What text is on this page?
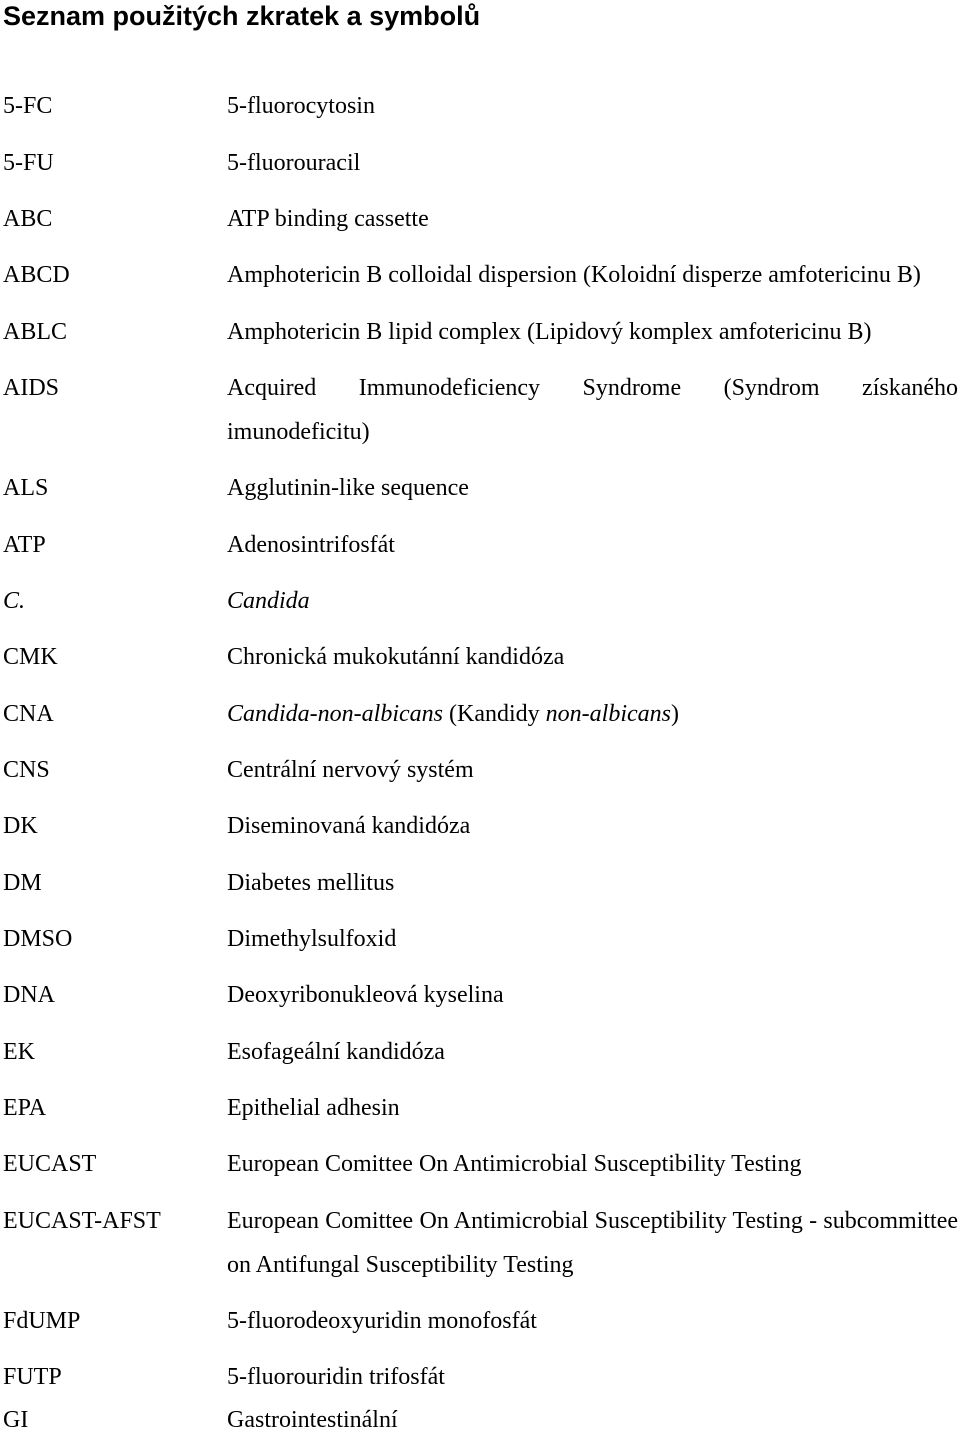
Seznam použitých zkratek a symbolů
5-FC	5-fluorocytosin
5-FU	5-fluorouracil
ABC	ATP binding cassette
ABCD	Amphotericin B colloidal dispersion (Koloidní disperze amfotericinu B)
ABLC	Amphotericin B lipid complex (Lipidový komplex amfotericinu B)
AIDS	Acquired Immunodeficiency Syndrome (Syndrom získaného imunodeficitu)
ALS	Agglutinin-like sequence
ATP	Adenosintrifosfát
C.	Candida
CMK	Chronická mukokutánní kandidóza
CNA	Candida-non-albicans (Kandidy non-albicans)
CNS	Centrální nervový systém
DK	Diseminovaná kandidóza
DM	Diabetes mellitus
DMSO	Dimethylsulfoxid
DNA	Deoxyribonukleová kyselina
EK	Esofageální kandidóza
EPA	Epithelial adhesin
EUCAST	European Comittee On Antimicrobial Susceptibility Testing
EUCAST-AFST	European Comittee On Antimicrobial Susceptibility Testing - subcommittee on Antifungal Susceptibility Testing
FdUMP	5-fluorodeoxyuridin monofosfát
FUTP	5-fluorouridin trifosfát
GI	Gastrointestinální
